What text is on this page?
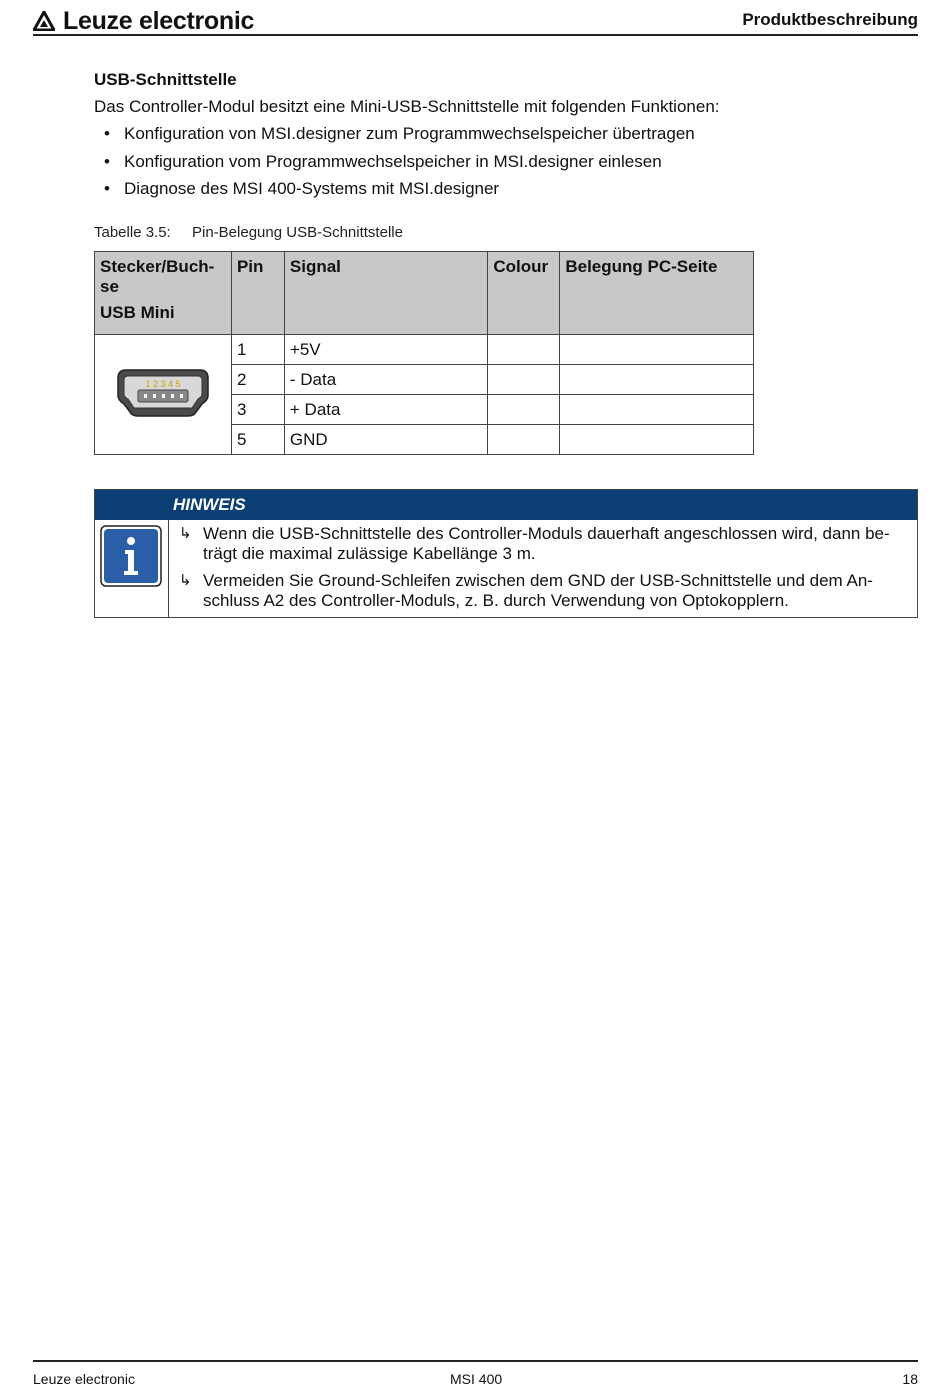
Leuze electronic	Produktbeschreibung
USB-Schnittstelle
Das Controller-Modul besitzt eine Mini-USB-Schnittstelle mit folgenden Funktionen:
• Konfiguration von MSI.designer zum Programmwechselspeicher übertragen
• Konfiguration vom Programmwechselspeicher in MSI.designer einlesen
• Diagnose des MSI 400-Systems mit MSI.designer
Tabelle 3.5: Pin-Belegung USB-Schnittstelle
Stecker/Buch-
se
USB Mini	Pin	Signal	Colour	Belegung PC-Seite

1 2 3 4 5	1	+5V		
	2	- Data		
	3	+ Data		
	5	GND		
HINWEIS
↳ Wenn die USB-Schnittstelle des Controller-Moduls dauerhaft angeschlossen wird, dann be-trägt die maximal zulässige Kabellänge 3 m.
↳ Vermeiden Sie Ground-Schleifen zwischen dem GND der USB-Schnittstelle und dem An-schluss A2 des Controller-Moduls, z. B. durch Verwendung von Optokopplern.
Leuze electronic	MSI 400	18
